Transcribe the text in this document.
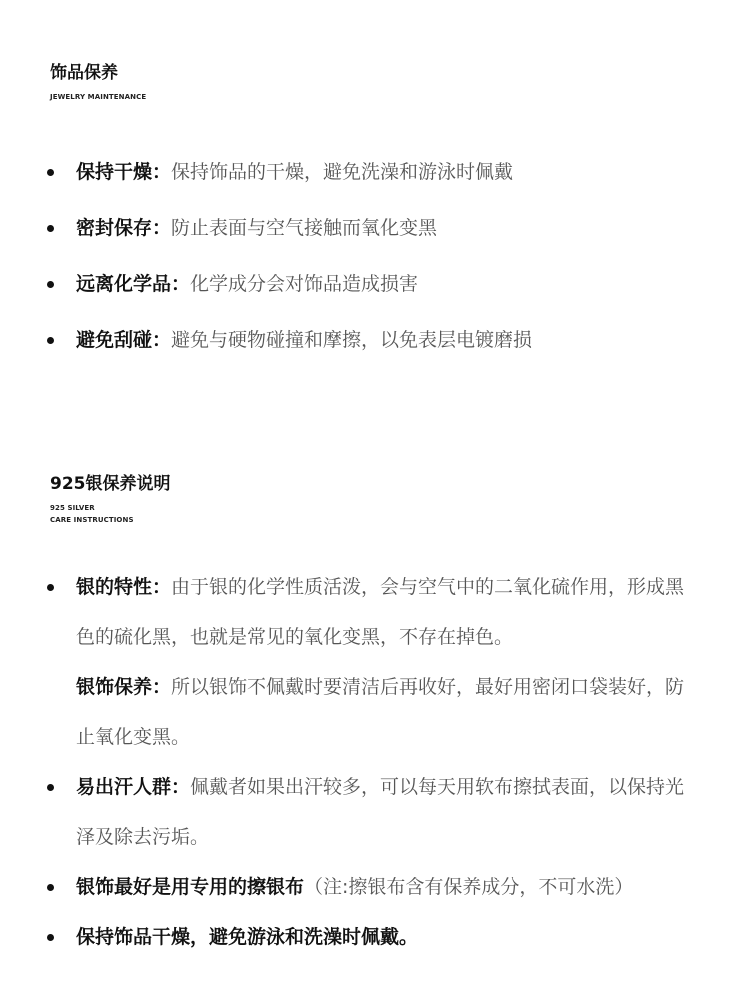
饰品保养
JEWELRY MAINTENANCE
保持干燥：保持饰品的干燥，避免洗澡和游泳时佩戴
密封保存：防止表面与空气接触而氧化变黑
远离化学品：化学成分会对饰品造成损害
避免刮碰：避免与硬物碰撞和摩擦，以免表层电镀磨损
925银保养说明
925 SILVER
CARE INSTRUCTIONS
银的特性：由于银的化学性质活泼，会与空气中的二氧化硫作用，形成黑色的硫化黑，也就是常见的氧化变黑，不存在掉色。
银饰保养：所以银饰不佩戴时要清洁后再收好，最好用密闭口袋装好，防止氧化变黑。
易出汗人群：佩戴者如果出汗较多，可以每天用软布擦拭表面，以保持光泽及除去污垢。
银饰最好是用专用的擦银布（注:擦银布含有保养成分，不可水洗）
保持饰品干燥，避免游泳和洗澡时佩戴。
